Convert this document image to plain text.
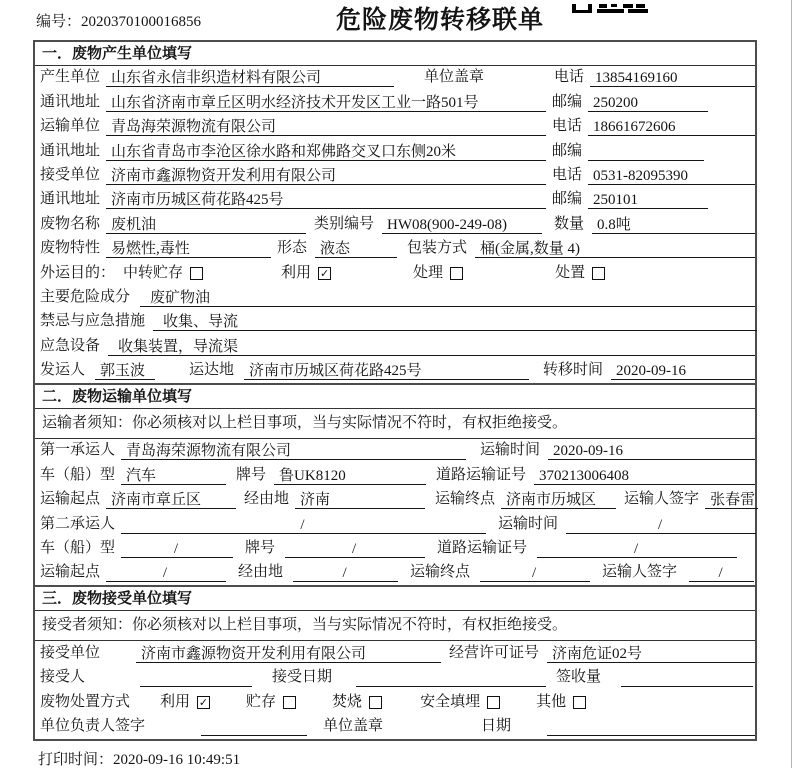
编号：2020370100016856	危险废物转移联单
一．废物产生单位填写
产生单位 山东省永信非织造材料有限公司	单位盖章	电话 13854169160
通讯地址 山东省济南市章丘区明水经济技术开发区工业一路501号	邮编 250200
运输单位 青岛海荣源物流有限公司	电话 18661672606
通讯地址 山东省青岛市李沧区徐水路和郑佛路交叉口东侧20米	邮编
接受单位 济南市鑫源物资开发利用有限公司	电话 0531-82095390
通讯地址 济南市历城区荷花路425号	邮编 250101
废物名称 废机油	类别编号 HW08(900-249-08)	数量 0.8吨
废物特性 易燃性,毒性	形态 液态	包装方式 桶(金属,数量 4)
外运目的： 中转贮存	利用 ✓	处理	处置
主要危险成分	废矿物油
禁忌与应急措施	收集、导流
应急设备	收集装置，导流渠
发运人	郭玉波	运达地	济南市历城区荷花路425号	转移时间 2020-09-16
二．废物运输单位填写
运输者须知：你必须核对以上栏目事项，当与实际情况不符时，有权拒绝接受。
第一承运人 青岛海荣源物流有限公司	运输时间 2020-09-16
车（船）型 汽车	牌号 鲁UK8120	道路运输证号 370213006408
运输起点 济南市章丘区	经由地 济南	运输终点 济南市历城区	运输人签字 张春雷
第二承运人	/	运输时间	/
车（船）型	/	牌号	/	道路运输证号	/
运输起点	/	经由地	/	运输终点	/	运输人签字	/
三．废物接受单位填写
接受者须知：你必须核对以上栏目事项，当与实际情况不符时，有权拒绝接受。
接受单位	济南市鑫源物资开发利用有限公司	经营许可证号 济南危证02号
接受人	接受日期	签收量
废物处置方式 利用 ✓	贮存	焚烧	安全填埋	其他
单位负责人签字	单位盖章	日期
打印时间：2020-09-16 10:49:51
